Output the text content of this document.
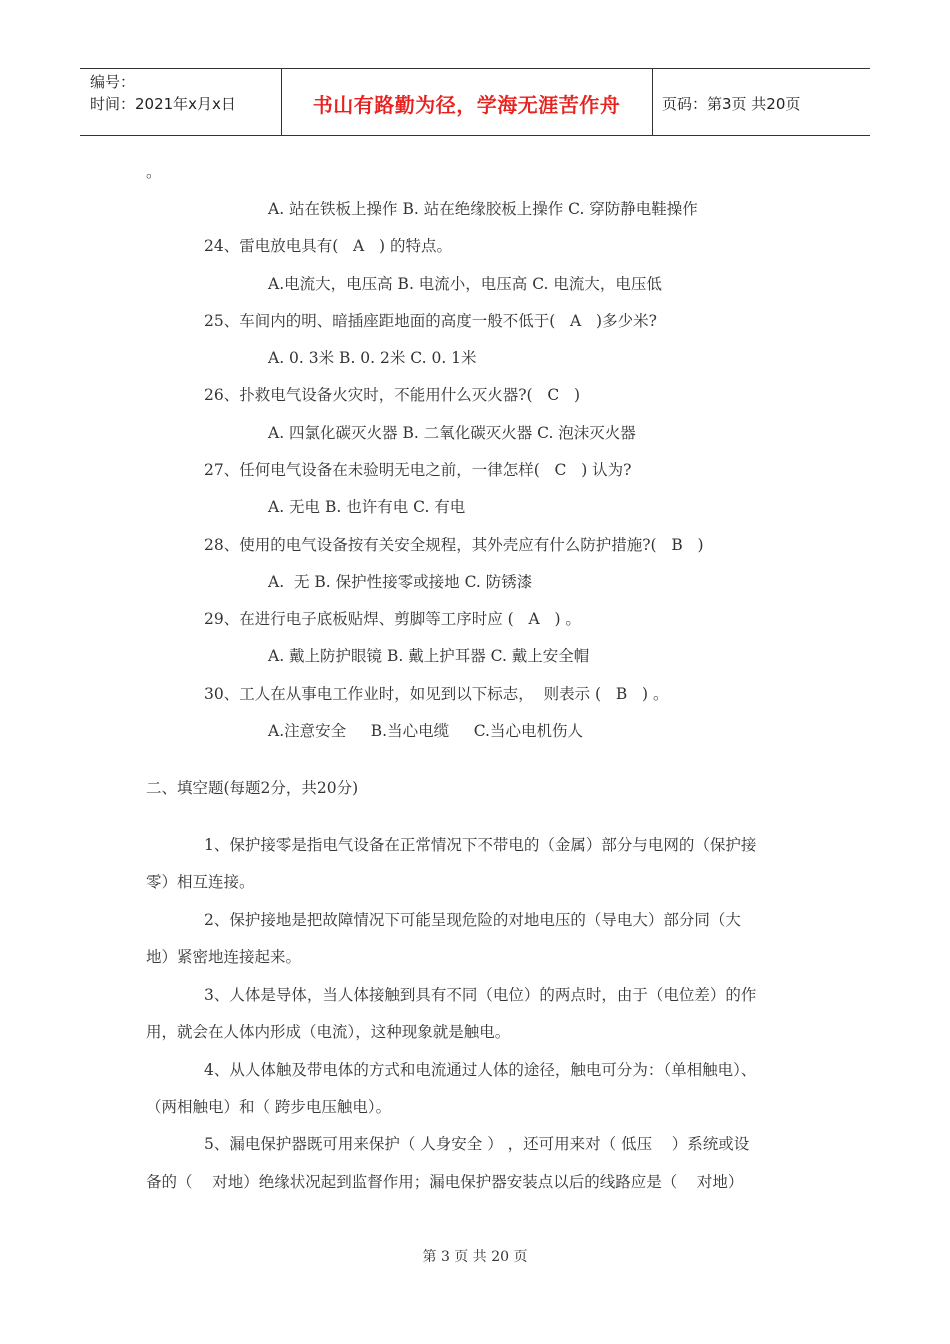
编号：
时间：2021年x月x日	书山有路勤为径，学海无涯苦作舟	页码：第3页 共20页
。
A. 站在铁板上操作 B. 站在绝缘胶板上操作 C. 穿防静电鞋操作
24、雷电放电具有(   A   ) 的特点。
A.电流大，电压高 B. 电流小，电压高 C. 电流大，电压低
25、车间内的明、暗插座距地面的高度一般不低于(   A   )多少米?
A. 0. 3米 B. 0. 2米 C. 0. 1米
26、扑救电气设备火灾时，不能用什么灭火器?(   C   )
A. 四氯化碳灭火器 B. 二氧化碳灭火器 C. 泡沫灭火器
27、任何电气设备在未验明无电之前，一律怎样(   C   ) 认为?
A. 无电 B. 也许有电 C. 有电
28、使用的电气设备按有关安全规程，其外壳应有什么防护措施?(   B   )
A.  无 B. 保护性接零或接地 C. 防锈漆
29、在进行电子底板贴焊、剪脚等工序时应 (   A   ) 。
A. 戴上防护眼镜 B. 戴上护耳器 C. 戴上安全帽
30、工人在从事电工作业时，如见到以下标志，  则表示 (   B   ) 。
A.注意安全     B.当心电缆     C.当心电机伤人
二、填空题(每题2分，共20分)
1、保护接零是指电气设备在正常情况下不带电的（金属）部分与电网的（保护接
零）相互连接。
2、保护接地是把故障情况下可能呈现危险的对地电压的（导电大）部分同（大
地）紧密地连接起来。
3、人体是导体，当人体接触到具有不同（电位）的两点时，由于（电位差）的作
用，就会在人体内形成（电流），这种现象就是触电。
4、从人体触及带电体的方式和电流通过人体的途径，触电可分为：（单相触电）、
（两相触电）和（ 跨步电压触电）。
5、漏电保护器既可用来保护（ 人身安全 ） ，还可用来对（ 低压    ）系统或设
备的（    对地）绝缘状况起到监督作用；漏电保护器安装点以后的线路应是（    对地）
第 3 页 共 20 页
